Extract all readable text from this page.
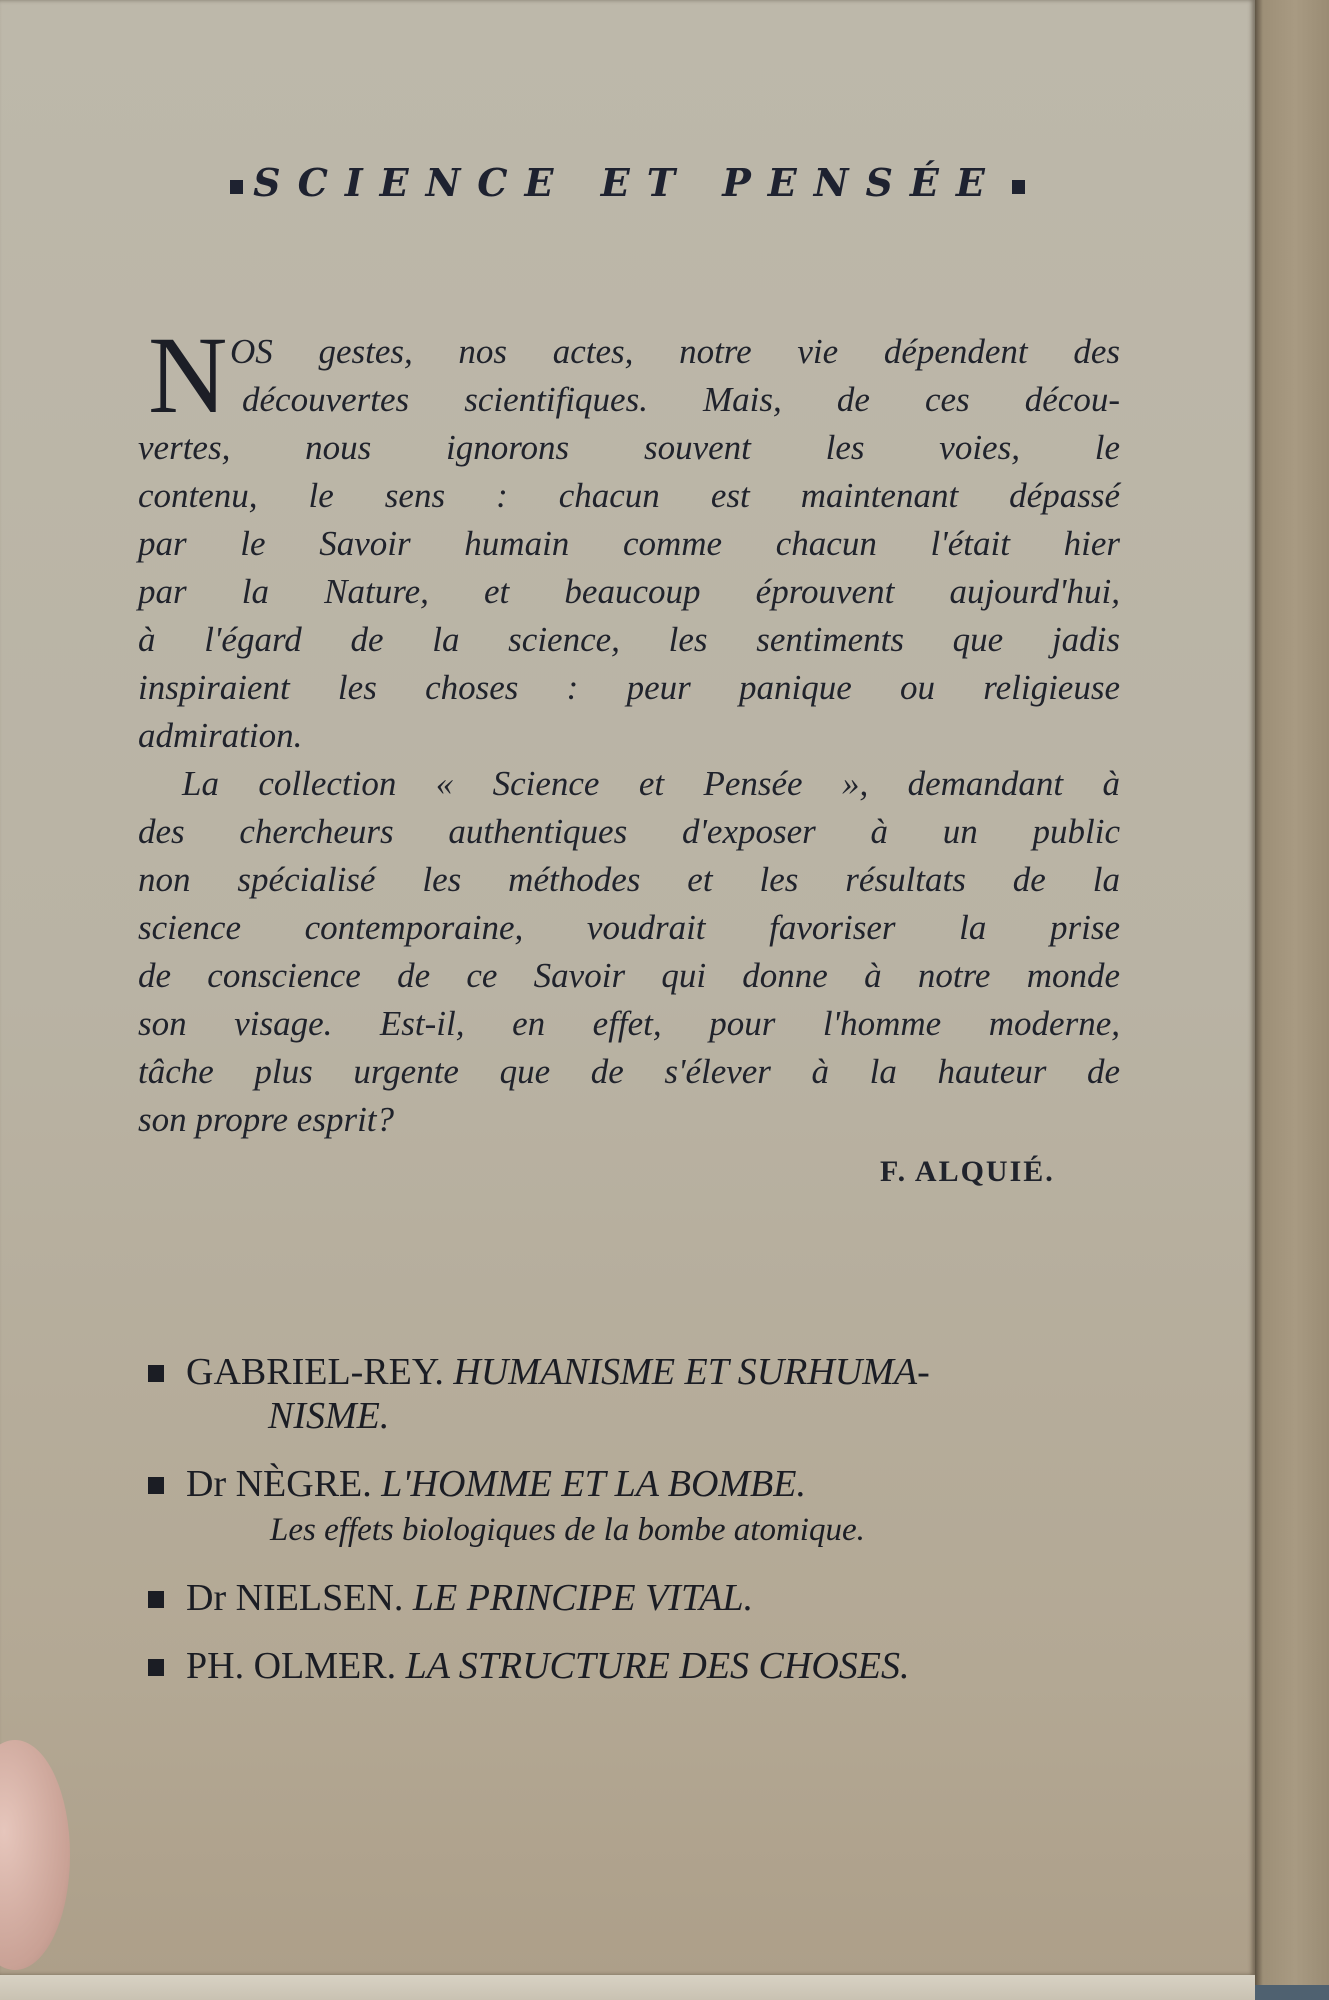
SCIENCE ET PENSÉE
N OS gestes, nos actes, notre vie dépendent des
découvertes scientifiques. Mais, de ces décou-
vertes, nous ignorons souvent les voies, le
contenu, le sens : chacun est maintenant dépassé
par le Savoir humain comme chacun l'était hier
par la Nature, et beaucoup éprouvent aujourd'hui,
à l'égard de la science, les sentiments que jadis
inspiraient les choses : peur panique ou religieuse
admiration.
La collection « Science et Pensée », demandant à
des chercheurs authentiques d'exposer à un public
non spécialisé les méthodes et les résultats de la
science contemporaine, voudrait favoriser la prise
de conscience de ce Savoir qui donne à notre monde
son visage. Est-il, en effet, pour l'homme moderne,
tâche plus urgente que de s'élever à la hauteur de
son propre esprit?
F. ALQUIÉ.
GABRIEL-REY. HUMANISME ET SURHUMA-
NISME.
Dr NÈGRE. L'HOMME ET LA BOMBE.
Les effets biologiques de la bombe atomique.
Dr NIELSEN. LE PRINCIPE VITAL.
PH. OLMER. LA STRUCTURE DES CHOSES.
